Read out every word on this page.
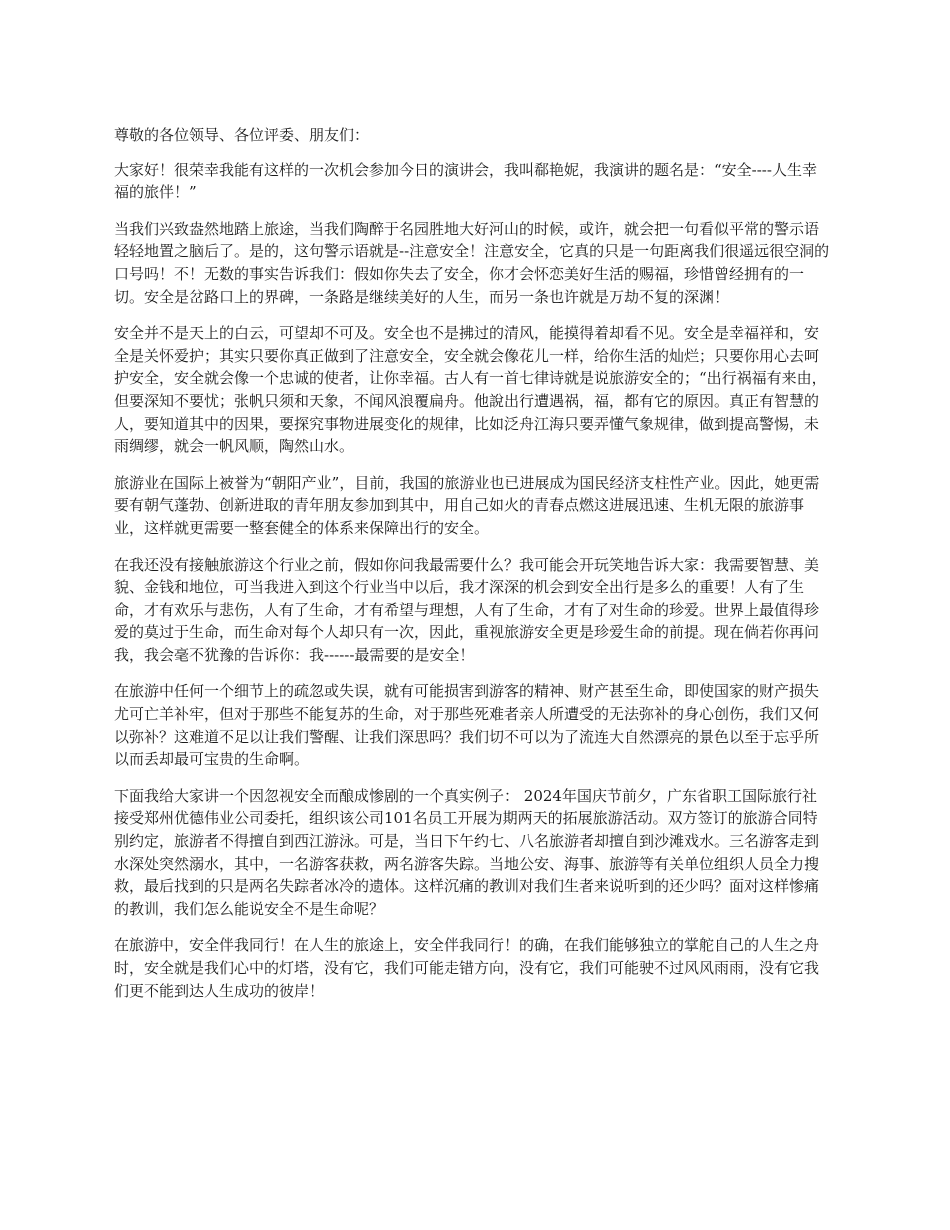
尊敬的各位领导、各位评委、朋友们：

大家好！很荣幸我能有这样的一次机会参加今日的演讲会，我叫郗艳妮，我演讲的题名是：“安全----人生幸福的旅伴！”

当我们兴致盎然地踏上旅途，当我们陶醉于名园胜地大好河山的时候，或许，就会把一句看似平常的警示语轻轻地置之脑后了。是的，这句警示语就是--注意安全！注意安全，它真的只是一句距离我们很遥远很空洞的口号吗！不！无数的事实告诉我们：假如你失去了安全，你才会怀恋美好生活的赐福，珍惜曾经拥有的一切。安全是岔路口上的界碑，一条路是继续美好的人生，而另一条也许就是万劫不复的深渊！

安全并不是天上的白云，可望却不可及。安全也不是拂过的清风，能摸得着却看不见。安全是幸福祥和，安全是关怀爱护；其实只要你真正做到了注意安全，安全就会像花儿一样，给你生活的灿烂；只要你用心去呵护安全，安全就会像一个忠诚的使者，让你幸福。古人有一首七律诗就是说旅游安全的；“出行祸福有来由，但要深知不要忧；张帆只须和天象，不闻风浪覆扁舟。他說出行遭遇祸，福，都有它的原因。真正有智慧的人，要知道其中的因果，要探究事物进展变化的规律，比如泛舟江海只要弄懂气象规律，做到提高警惕，未雨绸缪，就会一帆风顺，陶然山水。

旅游业在国际上被誉为“朝阳产业”，目前，我国的旅游业也已进展成为国民经济支柱性产业。因此，她更需要有朝气蓬勃、创新进取的青年朋友参加到其中，用自己如火的青春点燃这进展迅速、生机无限的旅游事业，这样就更需要一整套健全的体系来保障出行的安全。

在我还没有接触旅游这个行业之前，假如你问我最需要什么？我可能会开玩笑地告诉大家：我需要智慧、美貌、金钱和地位，可当我进入到这个行业当中以后，我才深深的机会到安全出行是多么的重要！人有了生命，才有欢乐与悲伤，人有了生命，才有希望与理想，人有了生命，才有了对生命的珍爱。世界上最值得珍爱的莫过于生命，而生命对每个人却只有一次，因此，重视旅游安全更是珍爱生命的前提。现在倘若你再问我，我会毫不犹豫的告诉你：我------最需要的是安全！

在旅游中任何一个细节上的疏忽或失误，就有可能损害到游客的精神、财产甚至生命，即使国家的财产损失尤可亡羊补牢，但对于那些不能复苏的生命，对于那些死难者亲人所遭受的无法弥补的身心创伤，我们又何以弥补？这难道不足以让我们警醒、让我们深思吗？我们切不可以为了流连大自然漂亮的景色以至于忘乎所以而丢却最可宝贵的生命啊。

下面我给大家讲一个因忽视安全而酿成惨剧的一个真实例子： 2024年国庆节前夕，广东省职工国际旅行社接受郑州优德伟业公司委托，组织该公司101名员工开展为期两天的拓展旅游活动。双方签订的旅游合同特别约定，旅游者不得擅自到西江游泳。可是，当日下午约七、八名旅游者却擅自到沙滩戏水。三名游客走到水深处突然溺水，其中，一名游客获救，两名游客失踪。当地公安、海事、旅游等有关单位组织人员全力搜救，最后找到的只是两名失踪者冰冷的遗体。这样沉痛的教训对我们生者来说听到的还少吗？面对这样惨痛的教训，我们怎么能说安全不是生命呢？

在旅游中，安全伴我同行！在人生的旅途上，安全伴我同行！的确，在我们能够独立的掌舵自己的人生之舟时，安全就是我们心中的灯塔，没有它，我们可能走错方向，没有它，我们可能驶不过风风雨雨，没有它我们更不能到达人生成功的彼岸！
